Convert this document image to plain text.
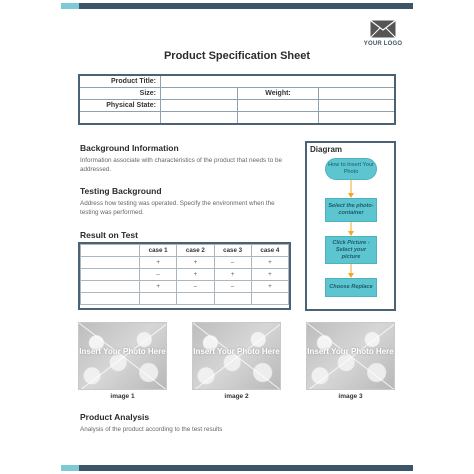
YOUR LOGO
Product Specification Sheet
Product Title:			
Size:		Weight:	
Physical State:			

Background Information
Information associate with characteristics of the product that needs to be addressed.
Testing Background
Address how testing was operated. Specify the environment when the testing was performed.
Result on Test
	case 1	case 2	case 3	case 4
	+	+	–	+
	–	+	+	+
	+	–	–	+

Diagram
How to Insert Your Photo
Select the photo-container
Click Picture - Select your picture
Choose Replace
Insert Your Photo Here	Insert Your Photo Here	Insert Your Photo Here
image 1	image 2	image 3
Product Analysis
Analysis of the product according to the test results
